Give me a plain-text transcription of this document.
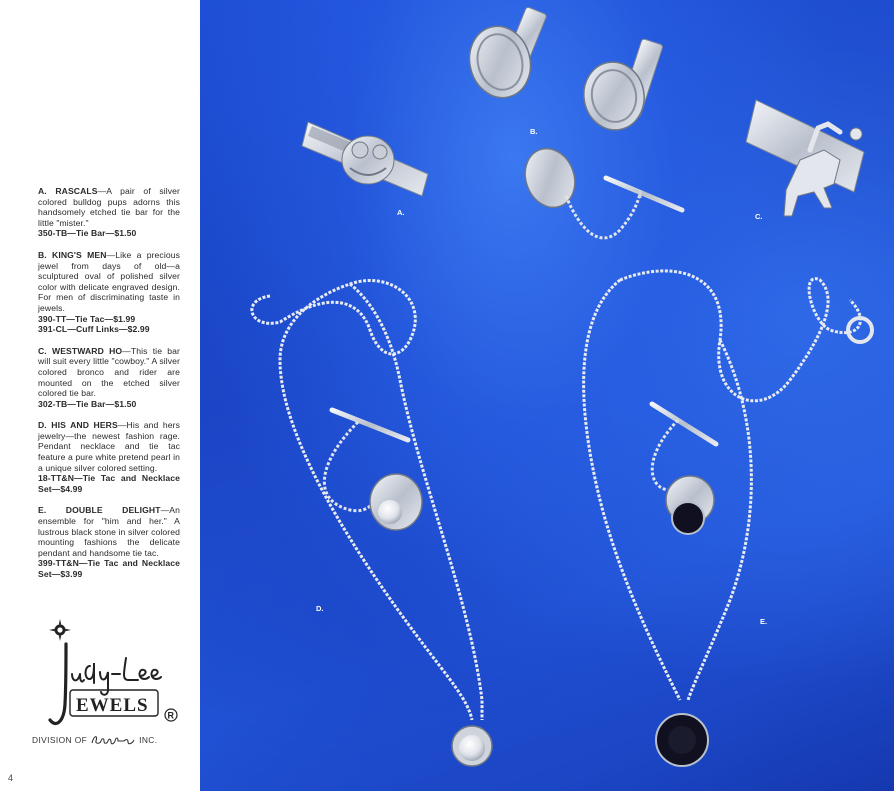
A. RASCALS—A pair of silver colored bulldog pups adorns this handsomely etched tie bar for the little "mister."

350-TB—Tie Bar—$1.50

B. KING'S MEN—Like a precious jewel from days of old—a sculptured oval of polished silver color with delicate engraved design. For men of discriminating taste in jewels.

390-TT—Tie Tac—$1.99

391-CL—Cuff Links—$2.99

C. WESTWARD HO—This tie bar will suit every little "cowboy." A silver colored bronco and rider are mounted on the etched silver colored tie bar.

302-TB—Tie Bar—$1.50

D. HIS AND HERS—His and hers jewelry—the newest fashion rage. Pendant necklace and tie tac feature a pure white pretend pearl in a unique silver colored setting.

18-TT&N—Tie Tac and Necklace Set—$4.99

E. DOUBLE DELIGHT—An ensemble for "him and her." A lustrous black stone in silver colored mounting fashions the delicate pendant and handsome tie tac.

399-TT&N—Tie Tac and Necklace Set—$3.99

EWELS R
DIVISION OF	INC.
4
A.
B.
C.
D.
E.
